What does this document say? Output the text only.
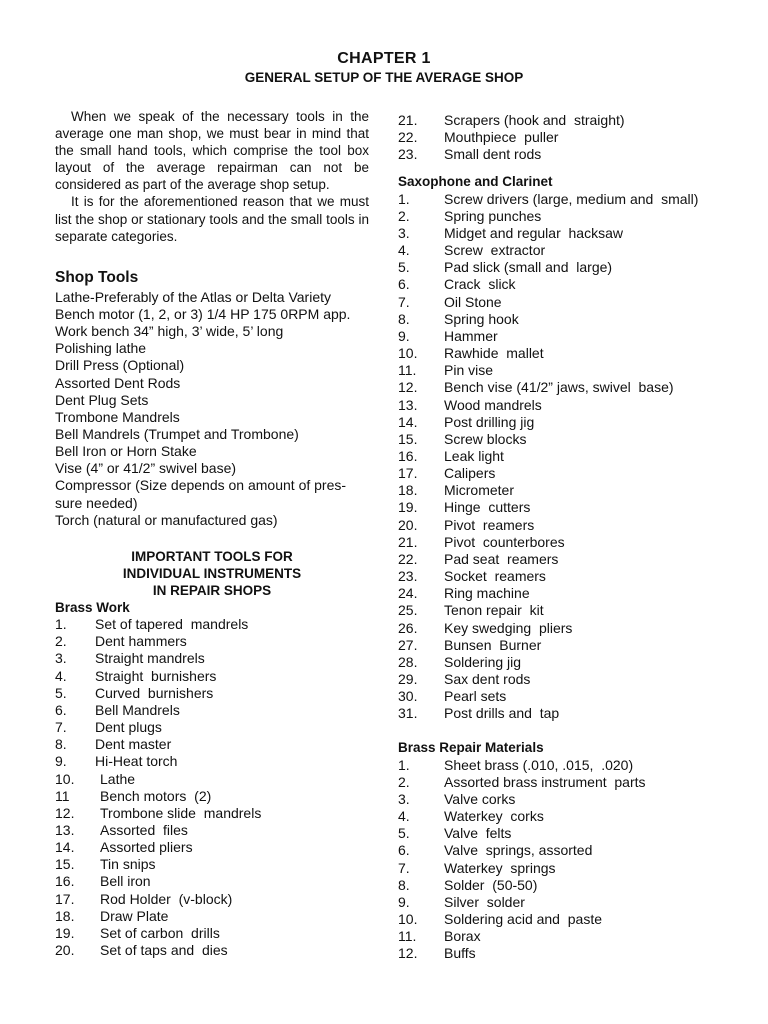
CHAPTER 1
GENERAL SETUP OF THE AVERAGE SHOP

When we speak of the necessary tools in the average one man shop, we must bear in mind that the small hand tools, which comprise the tool box layout of the average repairman can not be considered as part of the average shop setup.

It is for the aforementioned reason that we must list the shop or stationary tools and the small tools in separate categories.

Shop Tools
Lathe-Preferably of the Atlas or Delta Variety
Bench motor (1, 2, or 3) 1/4 HP 175 0RPM app.
Work bench 34” high, 3’ wide, 5’ long
Polishing lathe
Drill Press (Optional)
Assorted Dent Rods
Dent Plug Sets
Trombone Mandrels
Bell Mandrels (Trumpet and Trombone)
Bell Iron or Horn Stake
Vise (4” or 41/2” swivel base)
Compressor (Size depends on amount of pres-
sure needed)
Torch (natural or manufactured gas)
IMPORTANT TOOLS FOR
INDIVIDUAL INSTRUMENTS
IN REPAIR SHOPS
Brass Work
1.	Set of tapered  mandrels
2.	Dent hammers
3.	Straight mandrels
4.	Straight  burnishers
5.	Curved  burnishers
6.	Bell Mandrels
7.	Dent plugs
8.	Dent master
9.	Hi-Heat torch
10.	Lathe
11	Bench motors  (2)
12.	Trombone slide  mandrels
13.	Assorted  files
14.	Assorted pliers
15.	Tin snips
16.	Bell iron
17.	Rod Holder  (v-block)
18.	Draw Plate
19.	Set of carbon  drills
20.	Set of taps and  dies
21.	Scrapers (hook and  straight)
22.	Mouthpiece  puller
23.	Small dent rods
Saxophone and Clarinet
1.	Screw drivers (large, medium and  small)
2.	Spring punches
3.	Midget and regular  hacksaw
4.	Screw  extractor
5.	Pad slick (small and  large)
6.	Crack  slick
7.	Oil Stone
8.	Spring hook
9.	Hammer
10.	Rawhide  mallet
11.	Pin vise
12.	Bench vise (41/2” jaws, swivel  base)
13.	Wood mandrels
14.	Post drilling jig
15.	Screw blocks
16.	Leak light
17.	Calipers
18.	Micrometer
19.	Hinge  cutters
20.	Pivot  reamers
21.	Pivot  counterbores
22.	Pad seat  reamers
23.	Socket  reamers
24.	Ring machine
25.	Tenon repair  kit
26.	Key swedging  pliers
27.	Bunsen  Burner
28.	Soldering jig
29.	Sax dent rods
30.	Pearl sets
31.	Post drills and  tap
Brass Repair Materials
1.	Sheet brass (.010, .015,  .020)
2.	Assorted brass instrument  parts
3.	Valve corks
4.	Waterkey  corks
5.	Valve  felts
6.	Valve  springs, assorted
7.	Waterkey  springs
8.	Solder  (50-50)
9.	Silver  solder
10.	Soldering acid and  paste
11.	Borax
12.	Buffs
